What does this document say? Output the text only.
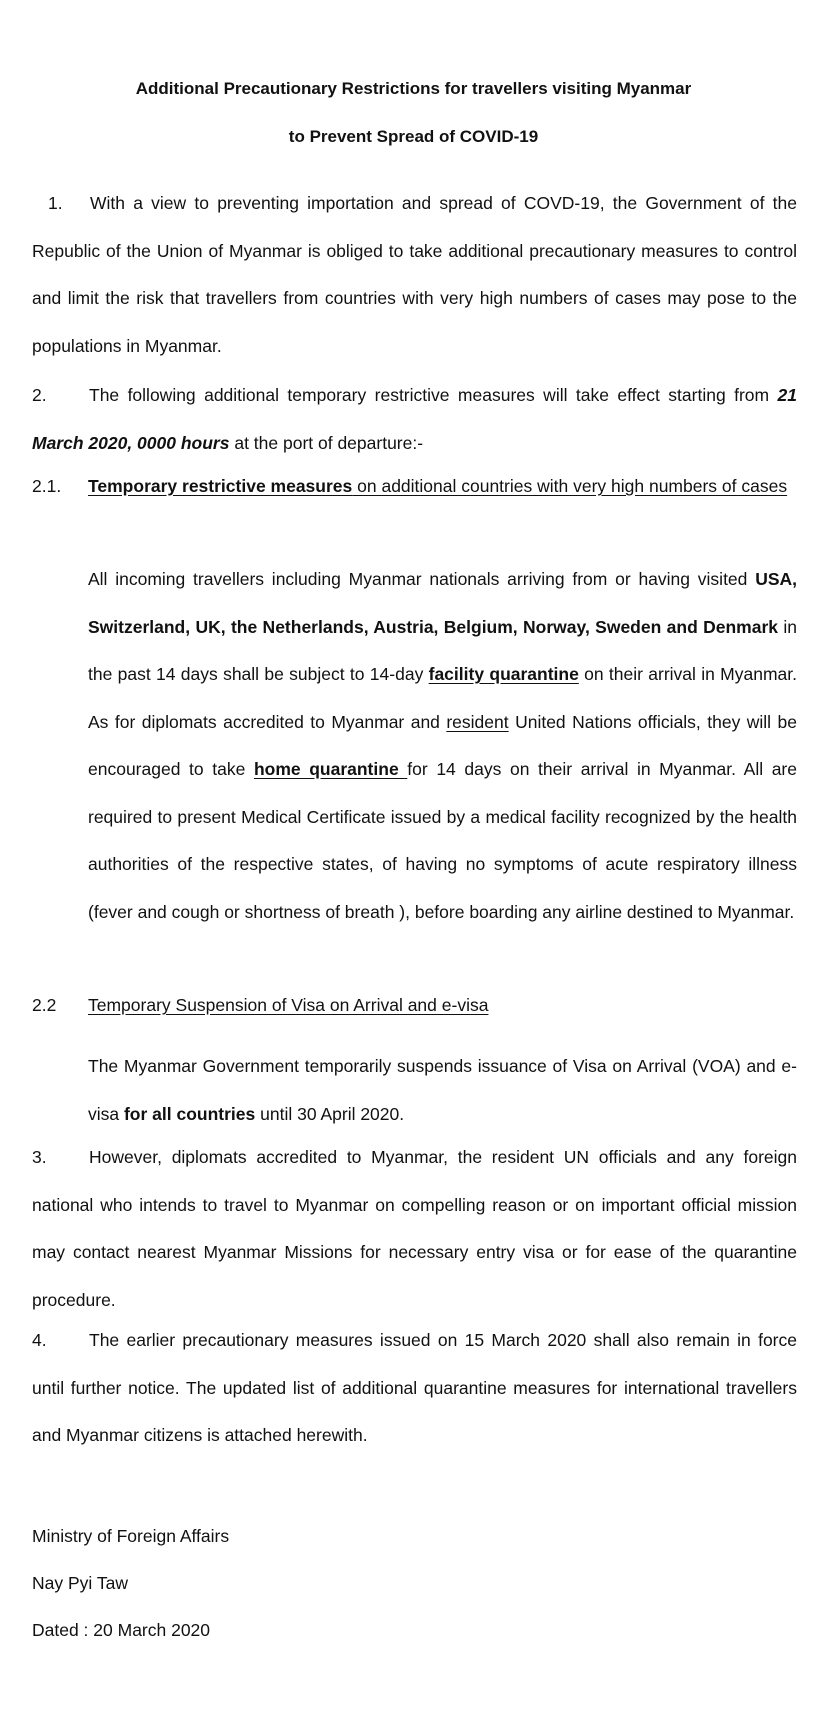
Additional Precautionary Restrictions for travellers visiting Myanmar
to Prevent Spread of COVID-19

1. With a view to preventing importation and spread of COVD-19, the Government of the Republic of the Union of Myanmar is obliged to take additional precautionary measures to control and limit the risk that travellers from countries with very high numbers of cases may pose to the populations in Myanmar.

2. The following additional temporary restrictive measures will take effect starting from 21 March 2020, 0000 hours at the port of departure:-

2.1.	Temporary restrictive measures on additional countries with very high numbers of cases

All incoming travellers including Myanmar nationals arriving from or having visited USA, Switzerland, UK, the Netherlands, Austria, Belgium, Norway, Sweden and Denmark in the past 14 days shall be subject to 14-day facility quarantine on their arrival in Myanmar. As for diplomats accredited to Myanmar and resident United Nations officials, they will be encouraged to take home quarantine for 14 days on their arrival in Myanmar. All are required to present Medical Certificate issued by a medical facility recognized by the health authorities of the respective states, of having no symptoms of acute respiratory illness (fever and cough or shortness of breath ), before boarding any airline destined to Myanmar.

2.2	Temporary Suspension of Visa on Arrival and e-visa

The Myanmar Government temporarily suspends issuance of Visa on Arrival (VOA) and e-visa for all countries until 30 April 2020.

3. However, diplomats accredited to Myanmar, the resident UN officials and any foreign national who intends to travel to Myanmar on compelling reason or on important official mission may contact nearest Myanmar Missions for necessary entry visa or for ease of the quarantine procedure.

4. The earlier precautionary measures issued on 15 March 2020 shall also remain in force until further notice. The updated list of additional quarantine measures for international travellers and Myanmar citizens is attached herewith.

Ministry of Foreign Affairs
Nay Pyi Taw
Dated : 20 March 2020
